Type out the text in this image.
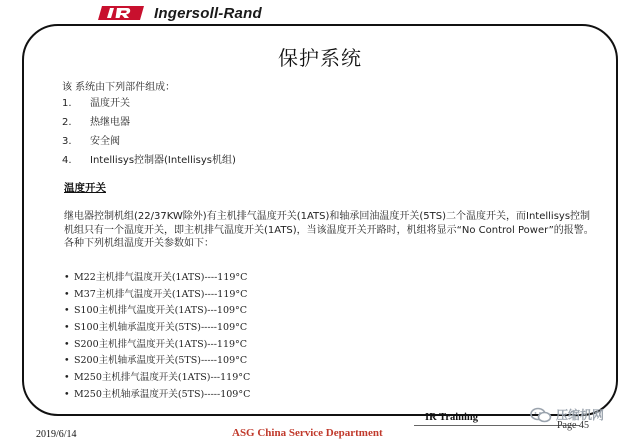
Ingersoll-Rand
保护系统
该 系统由下列部件组成：
1.	温度开关
2.	热继电器
3.	安全阀
4.	Intellisys控制器(Intellisys机组)
温度开关

继电器控制机组(22/37KW除外)有主机排气温度开关(1ATS)和轴承回油温度开关(5TS)二个温度开关，而Intellisys控制机组只有一个温度开关，即主机排气温度开关(1ATS)，当该温度开关开路时，机组将显示“No Control Power”的报警。各种下列机组温度开关参数如下：

• M22主机排气温度开关(1ATS)----119°C
• M37主机排气温度开关(1ATS)----119°C
• S100主机排气温度开关(1ATS)---109°C
• S100主机轴承温度开关(5TS)-----109°C
• S200主机排气温度开关(1ATS)---119°C
• S200主机轴承温度开关(5TS)-----109°C
• M250主机排气温度开关(1ATS)---119°C
• M250主机轴承温度开关(5TS)-----109°C
IR Training
Page 45
2019/6/14	ASG China Service Department
压缩机网
